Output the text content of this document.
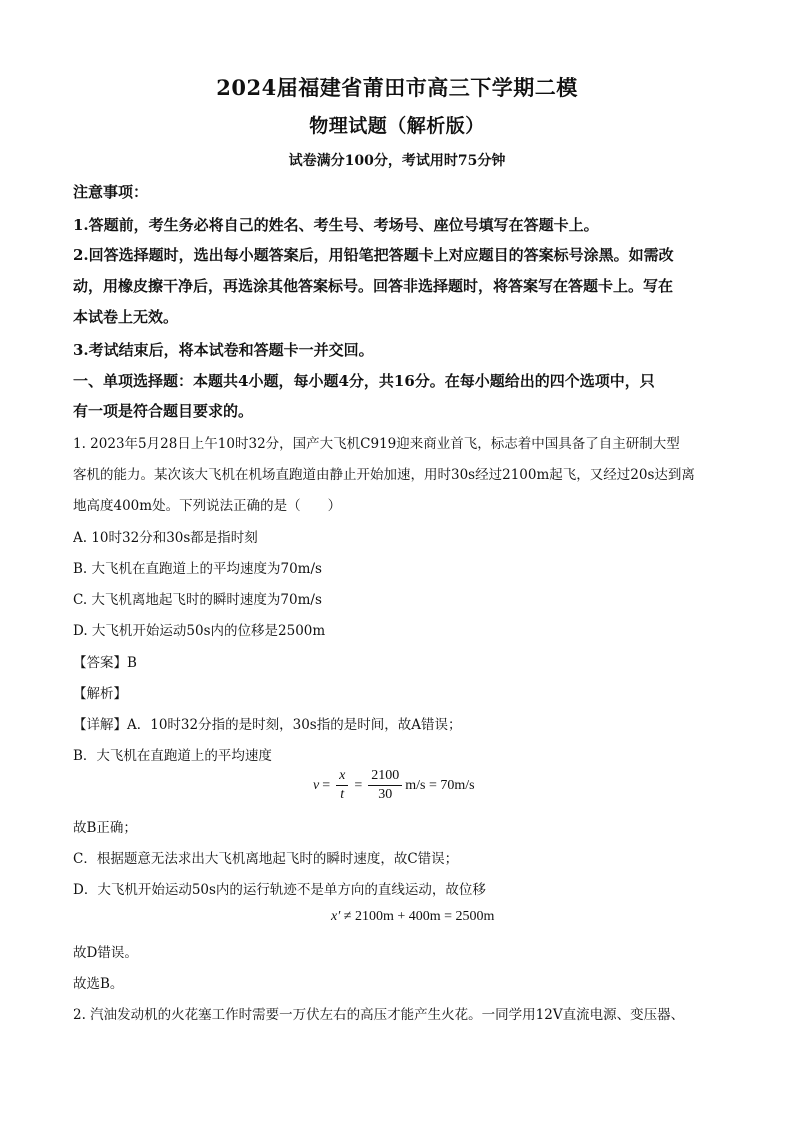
2024届福建省莆田市高三下学期二模
物理试题（解析版）
试卷满分100分，考试用时75分钟
注意事项：
1.答题前，考生务必将自己的姓名、考生号、考场号、座位号填写在答题卡上。
2.回答选择题时，选出每小题答案后，用铅笔把答题卡上对应题目的答案标号涂黑。如需改
动，用橡皮擦干净后，再选涂其他答案标号。回答非选择题时，将答案写在答题卡上。写在
本试卷上无效。
3.考试结束后，将本试卷和答题卡一并交回。
一、单项选择题：本题共4小题，每小题4分，共16分。在每小题给出的四个选项中，只
有一项是符合题目要求的。
1. 2023年5月28日上午10时32分，国产大飞机C919迎来商业首飞，标志着中国具备了自主研制大型
客机的能力。某次该大飞机在机场直跑道由静止开始加速，用时30s经过2100m起飞，又经过20s达到离
地高度400m处。下列说法正确的是（　　）
A. 10时32分和30s都是指时刻
B. 大飞机在直跑道上的平均速度为70m/s
C. 大飞机离地起飞时的瞬时速度为70m/s
D. 大飞机开始运动50s内的位移是2500m
【答案】B
【解析】
【详解】A．10时32分指的是时刻，30s指的是时间，故A错误；
B．大飞机在直跑道上的平均速度
$v = \frac{x}{t} = \frac{2100}{30} m/s = 70m/s$
故B正确；
C．根据题意无法求出大飞机离地起飞时的瞬时速度，故C错误；
D．大飞机开始运动50s内的运行轨迹不是单方向的直线运动，故位移
x′ ≠ 2100m + 400m = 2500m
故D错误。
故选B。
2. 汽油发动机的火花塞工作时需要一万伏左右的高压才能产生火花。一同学用12V直流电源、变压器、
